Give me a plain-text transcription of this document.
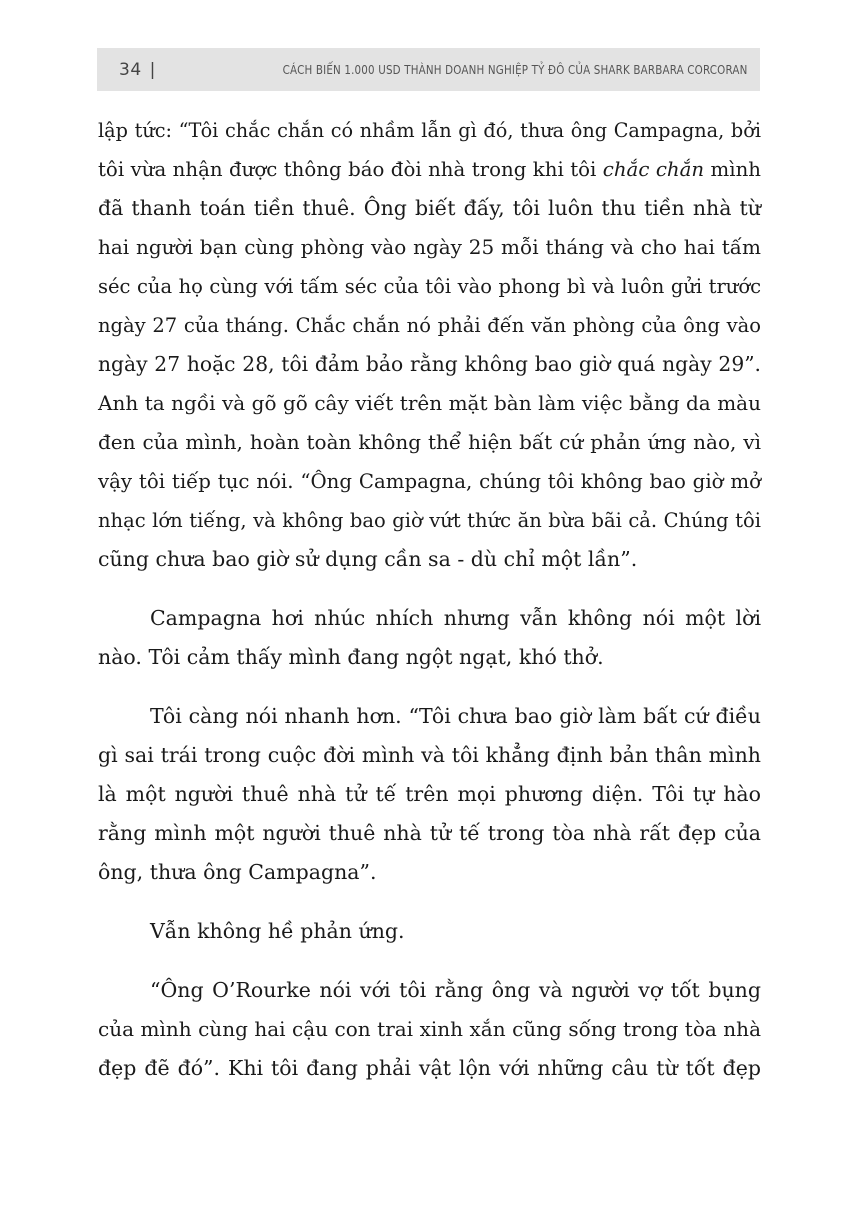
34 |	CÁCH BIẾN 1.000 USD THÀNH DOANH NGHIỆP TỶ ĐÔ CỦA SHARK BARBARA CORCORAN
lập tức: “Tôi chắc chắn có nhầm lẫn gì đó, thưa ông Campagna, bởi
tôi vừa nhận được thông báo đòi nhà trong khi tôi chắc chắn mình
đã thanh toán tiền thuê. Ông biết đấy, tôi luôn thu tiền nhà từ
hai người bạn cùng phòng vào ngày 25 mỗi tháng và cho hai tấm
séc của họ cùng với tấm séc của tôi vào phong bì và luôn gửi trước
ngày 27 của tháng. Chắc chắn nó phải đến văn phòng của ông vào
ngày 27 hoặc 28, tôi đảm bảo rằng không bao giờ quá ngày 29”.
Anh ta ngồi và gõ gõ cây viết trên mặt bàn làm việc bằng da màu
đen của mình, hoàn toàn không thể hiện bất cứ phản ứng nào, vì
vậy tôi tiếp tục nói. “Ông Campagna, chúng tôi không bao giờ mở
nhạc lớn tiếng, và không bao giờ vứt thức ăn bừa bãi cả. Chúng tôi
cũng chưa bao giờ sử dụng cần sa - dù chỉ một lần”.
Campagna hơi nhúc nhích nhưng vẫn không nói một lời
nào. Tôi cảm thấy mình đang ngột ngạt, khó thở.
Tôi càng nói nhanh hơn. “Tôi chưa bao giờ làm bất cứ điều
gì sai trái trong cuộc đời mình và tôi khẳng định bản thân mình
là một người thuê nhà tử tế trên mọi phương diện. Tôi tự hào
rằng mình một người thuê nhà tử tế trong tòa nhà rất đẹp của
ông, thưa ông Campagna”.
Vẫn không hề phản ứng.
“Ông O’Rourke nói với tôi rằng ông và người vợ tốt bụng
của mình cùng hai cậu con trai xinh xắn cũng sống trong tòa nhà
đẹp đẽ đó”. Khi tôi đang phải vật lộn với những câu từ tốt đẹp
